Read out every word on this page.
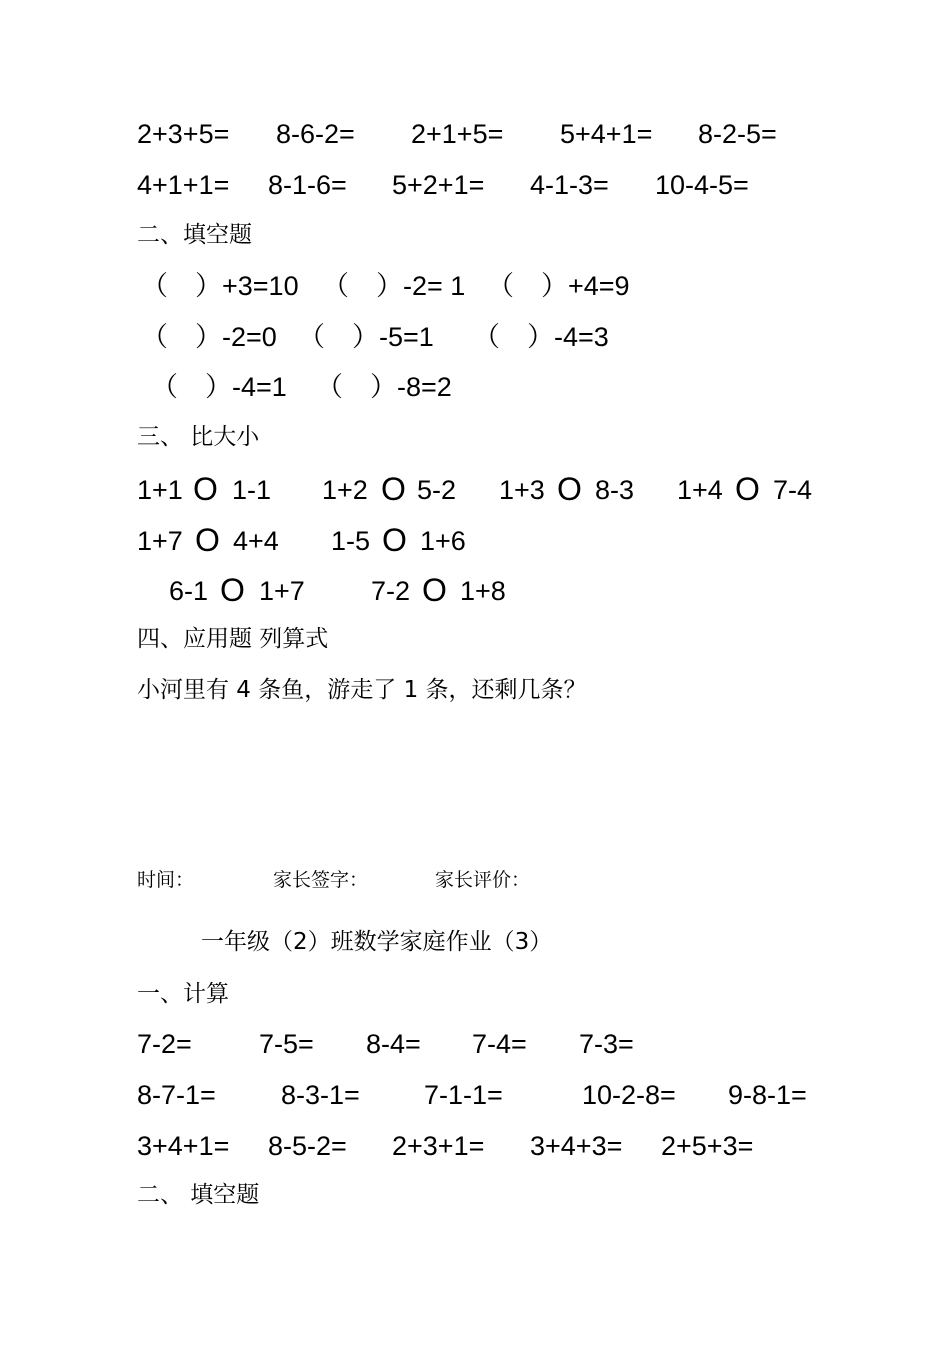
2+3+5= 8-6-2= 2+1+5= 5+4+1= 8-2-5=
4+1+1= 8-1-6= 5+2+1= 4-1-3= 10-4-5=
二、填空题
（　）+3=10 （　）-2= 1 （　）+4=9
（　）-2=0 （　）-5=1 （　）-4=3
（　）-4=1 （　）-8=2
三、 比大小
1+1 O 1-1 1+2 O 5-2 1+3 O 8-3 1+4 O 7-4
1+7 O 4+4 1-5 O 1+6
6-1 O 1+7 7-2 O 1+8
四、应用题 列算式
小河里有 4 条鱼，游走了 1 条，还剩几条？
时间：	家长签字：	家长评价：
一年级（2）班数学家庭作业（3）
一、计算
7-2= 7-5= 8-4= 7-4= 7-3=
8-7-1= 8-3-1= 7-1-1=	10-2-8= 9-8-1=
3+4+1= 8-5-2= 2+3+1= 3+4+3= 2+5+3=
二、 填空题
